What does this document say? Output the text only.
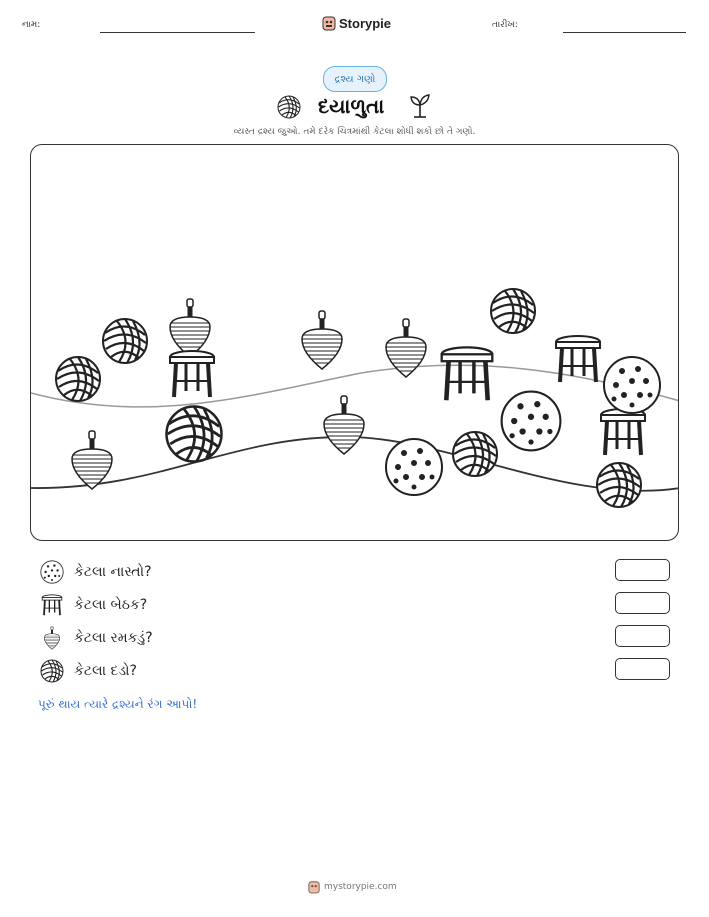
નામ:	Storypie	તારીખ:
દ્રશ્ય ગણો
દયાળુતા
વ્યસ્ત દ્રશ્ય જુઓ. તમે દરેક ચિત્રમાંથી કેટલા શોધી શકો છો તે ગણો.
કેટલા નાસ્તો?
કેટલા બેઠક?
કેટલા રમકડું?
કેટલા દડો?
પૂરું થાય ત્યારે દ્રશ્યને રંગ આપો!
mystorypie.com
